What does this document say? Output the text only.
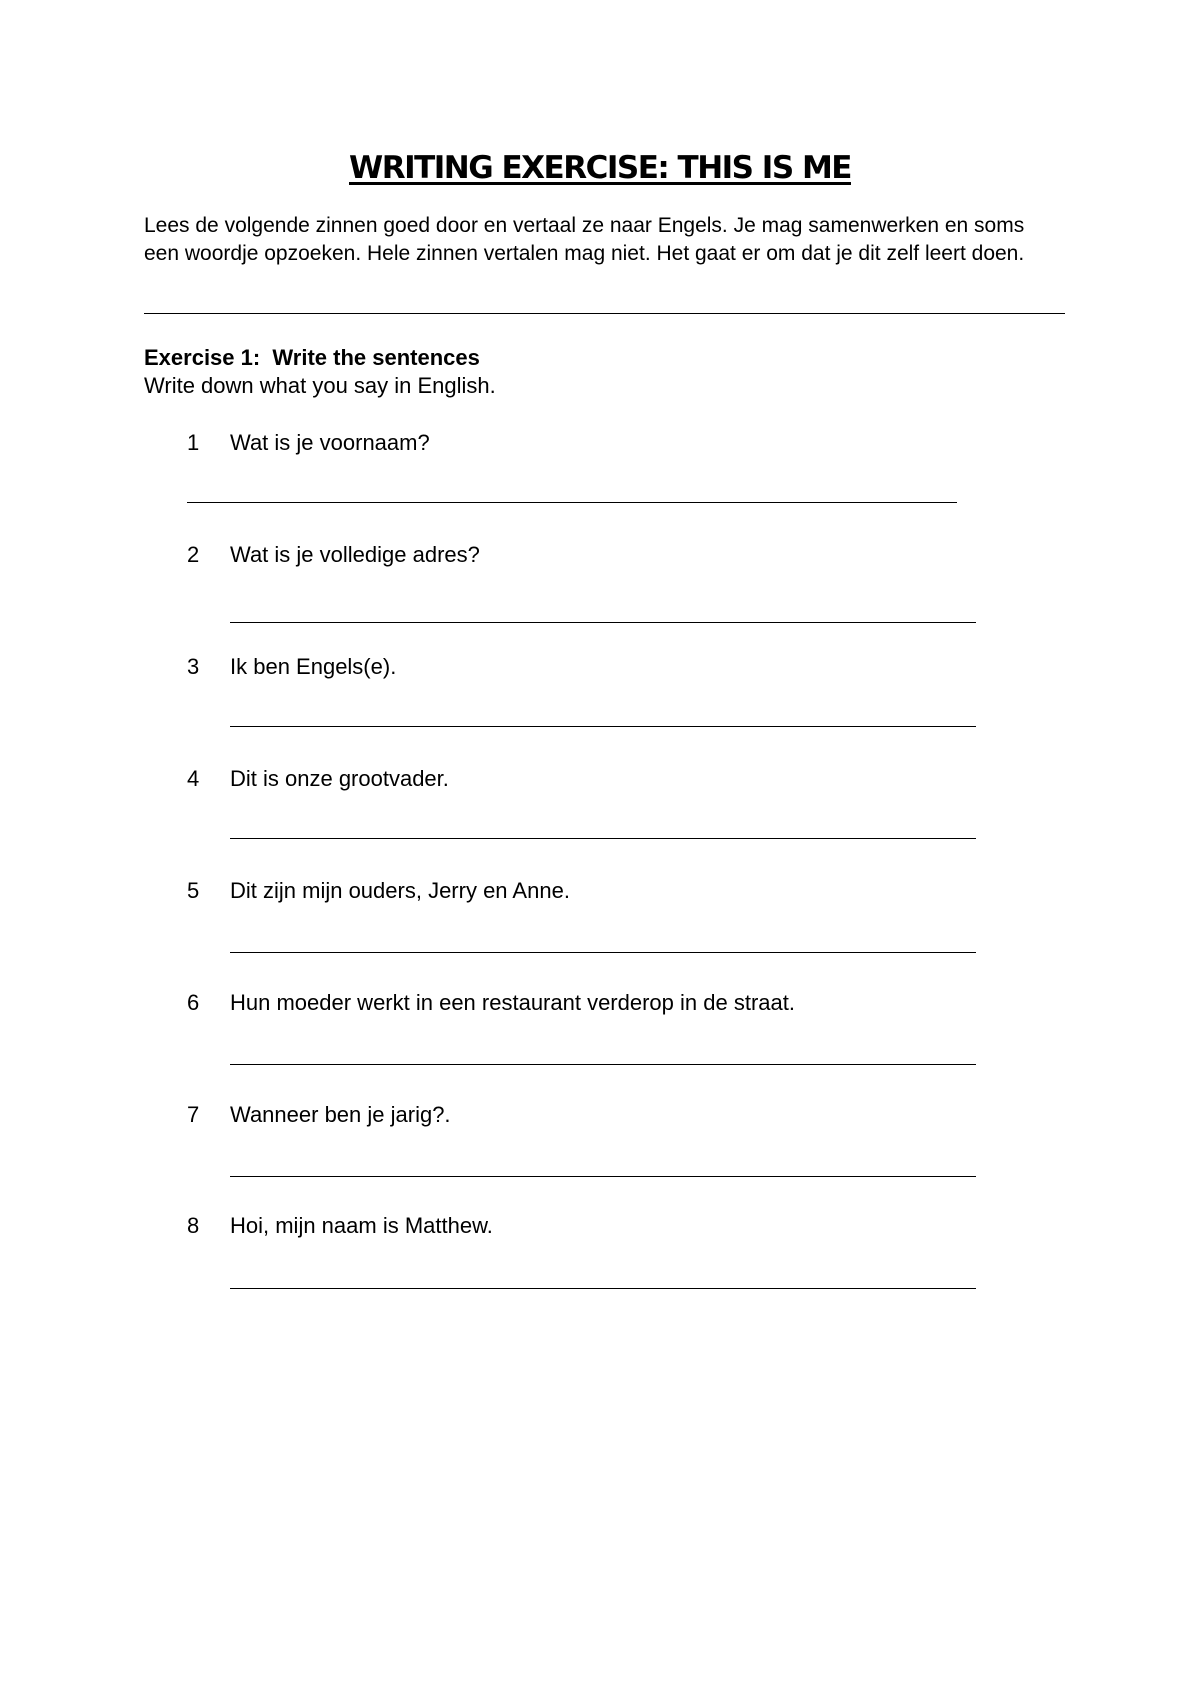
WRITING EXERCISE: THIS IS ME

Lees de volgende zinnen goed door en vertaal ze naar Engels. Je mag samenwerken en soms een woordje opzoeken. Hele zinnen vertalen mag niet. Het gaat er om dat je dit zelf leert doen.

Exercise 1:  Write the sentences
Write down what you say in English.
1 Wat is je voornaam?
2 Wat is je volledige adres?
3 Ik ben Engels(e).
4 Dit is onze grootvader.
5 Dit zijn mijn ouders, Jerry en Anne.
6 Hun moeder werkt in een restaurant verderop in de straat.
7 Wanneer ben je jarig?.
8 Hoi, mijn naam is Matthew.
